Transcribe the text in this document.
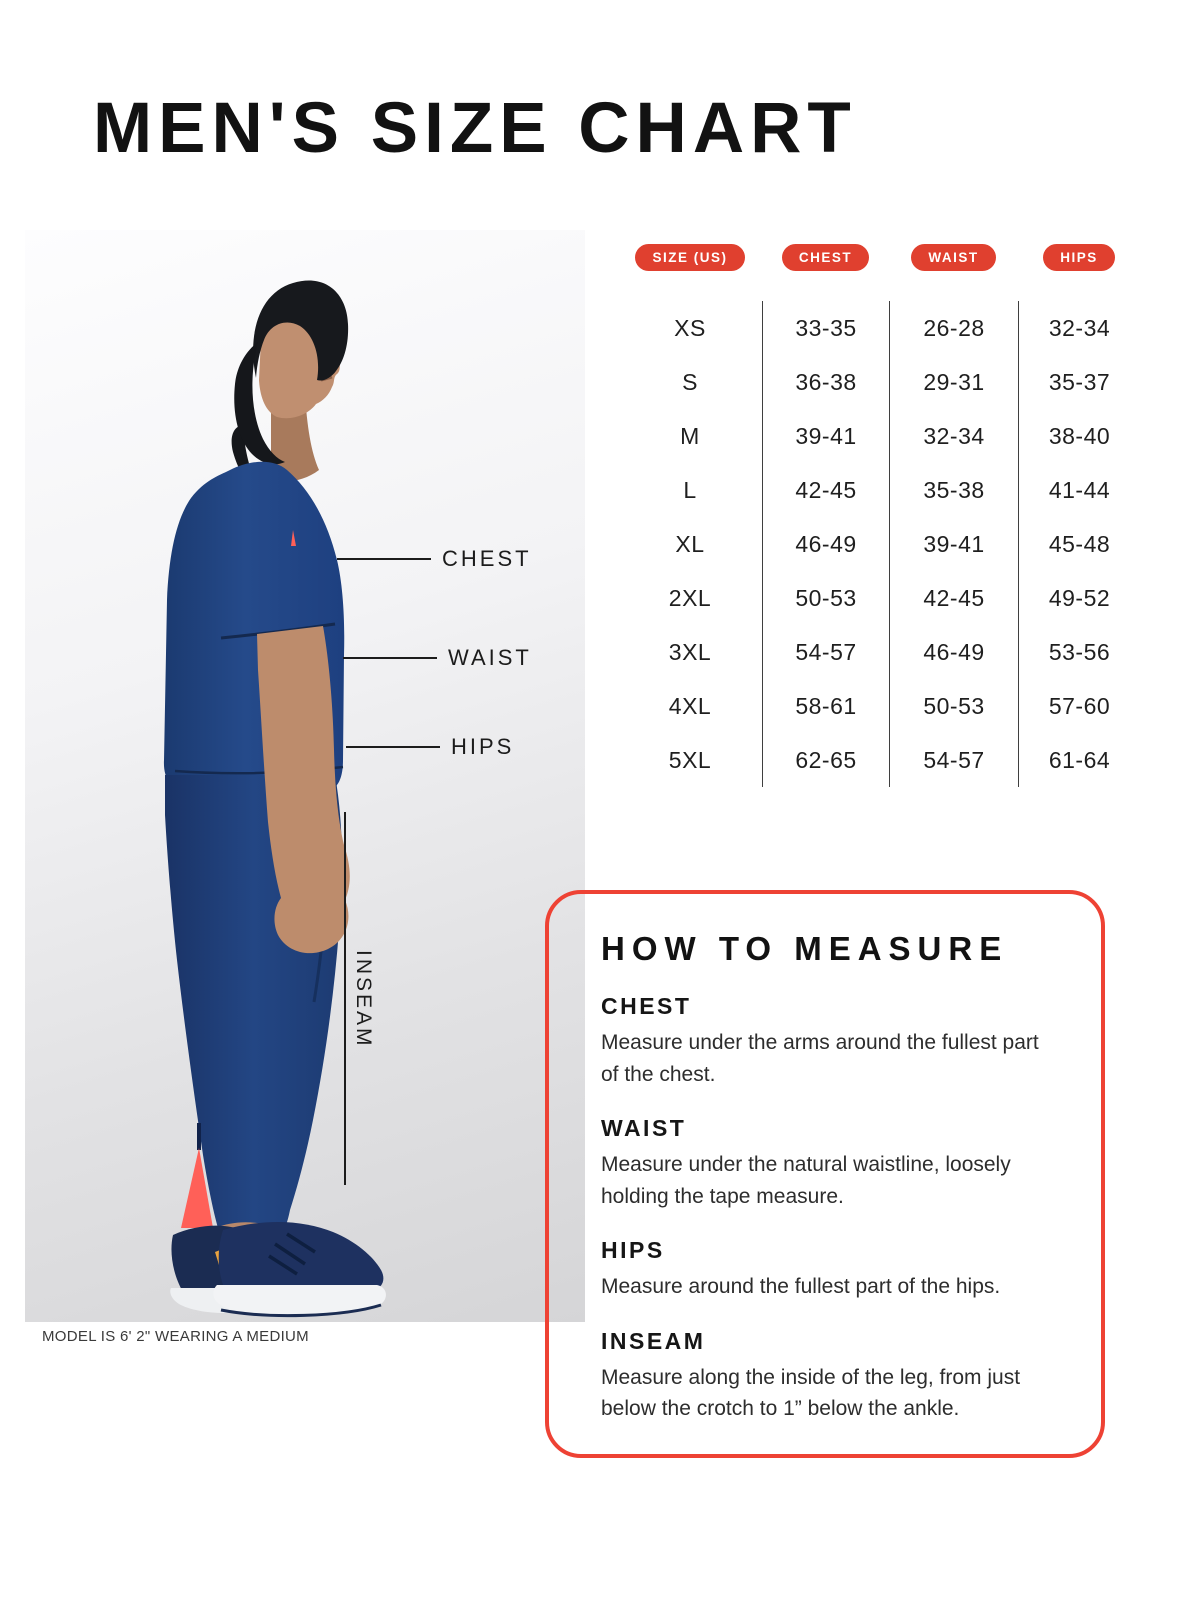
MEN'S SIZE CHART
CHEST
WAIST
HIPS
INSEAM
MODEL IS 6' 2" WEARING A MEDIUM
SIZE (US)	CHEST	WAIST	HIPS
XS	33-35	26-28	32-34
S	36-38	29-31	35-37
M	39-41	32-34	38-40
L	42-45	35-38	41-44
XL	46-49	39-41	45-48
2XL	50-53	42-45	49-52
3XL	54-57	46-49	53-56
4XL	58-61	50-53	57-60
5XL	62-65	54-57	61-64
HOW TO MEASURE
CHEST

Measure under the arms around the fullest part of the chest.

WAIST

Measure under the natural waistline, loosely holding the tape measure.

HIPS

Measure around the fullest part of the hips.

INSEAM

Measure along the inside of the leg, from just below the crotch to 1” below the ankle.
